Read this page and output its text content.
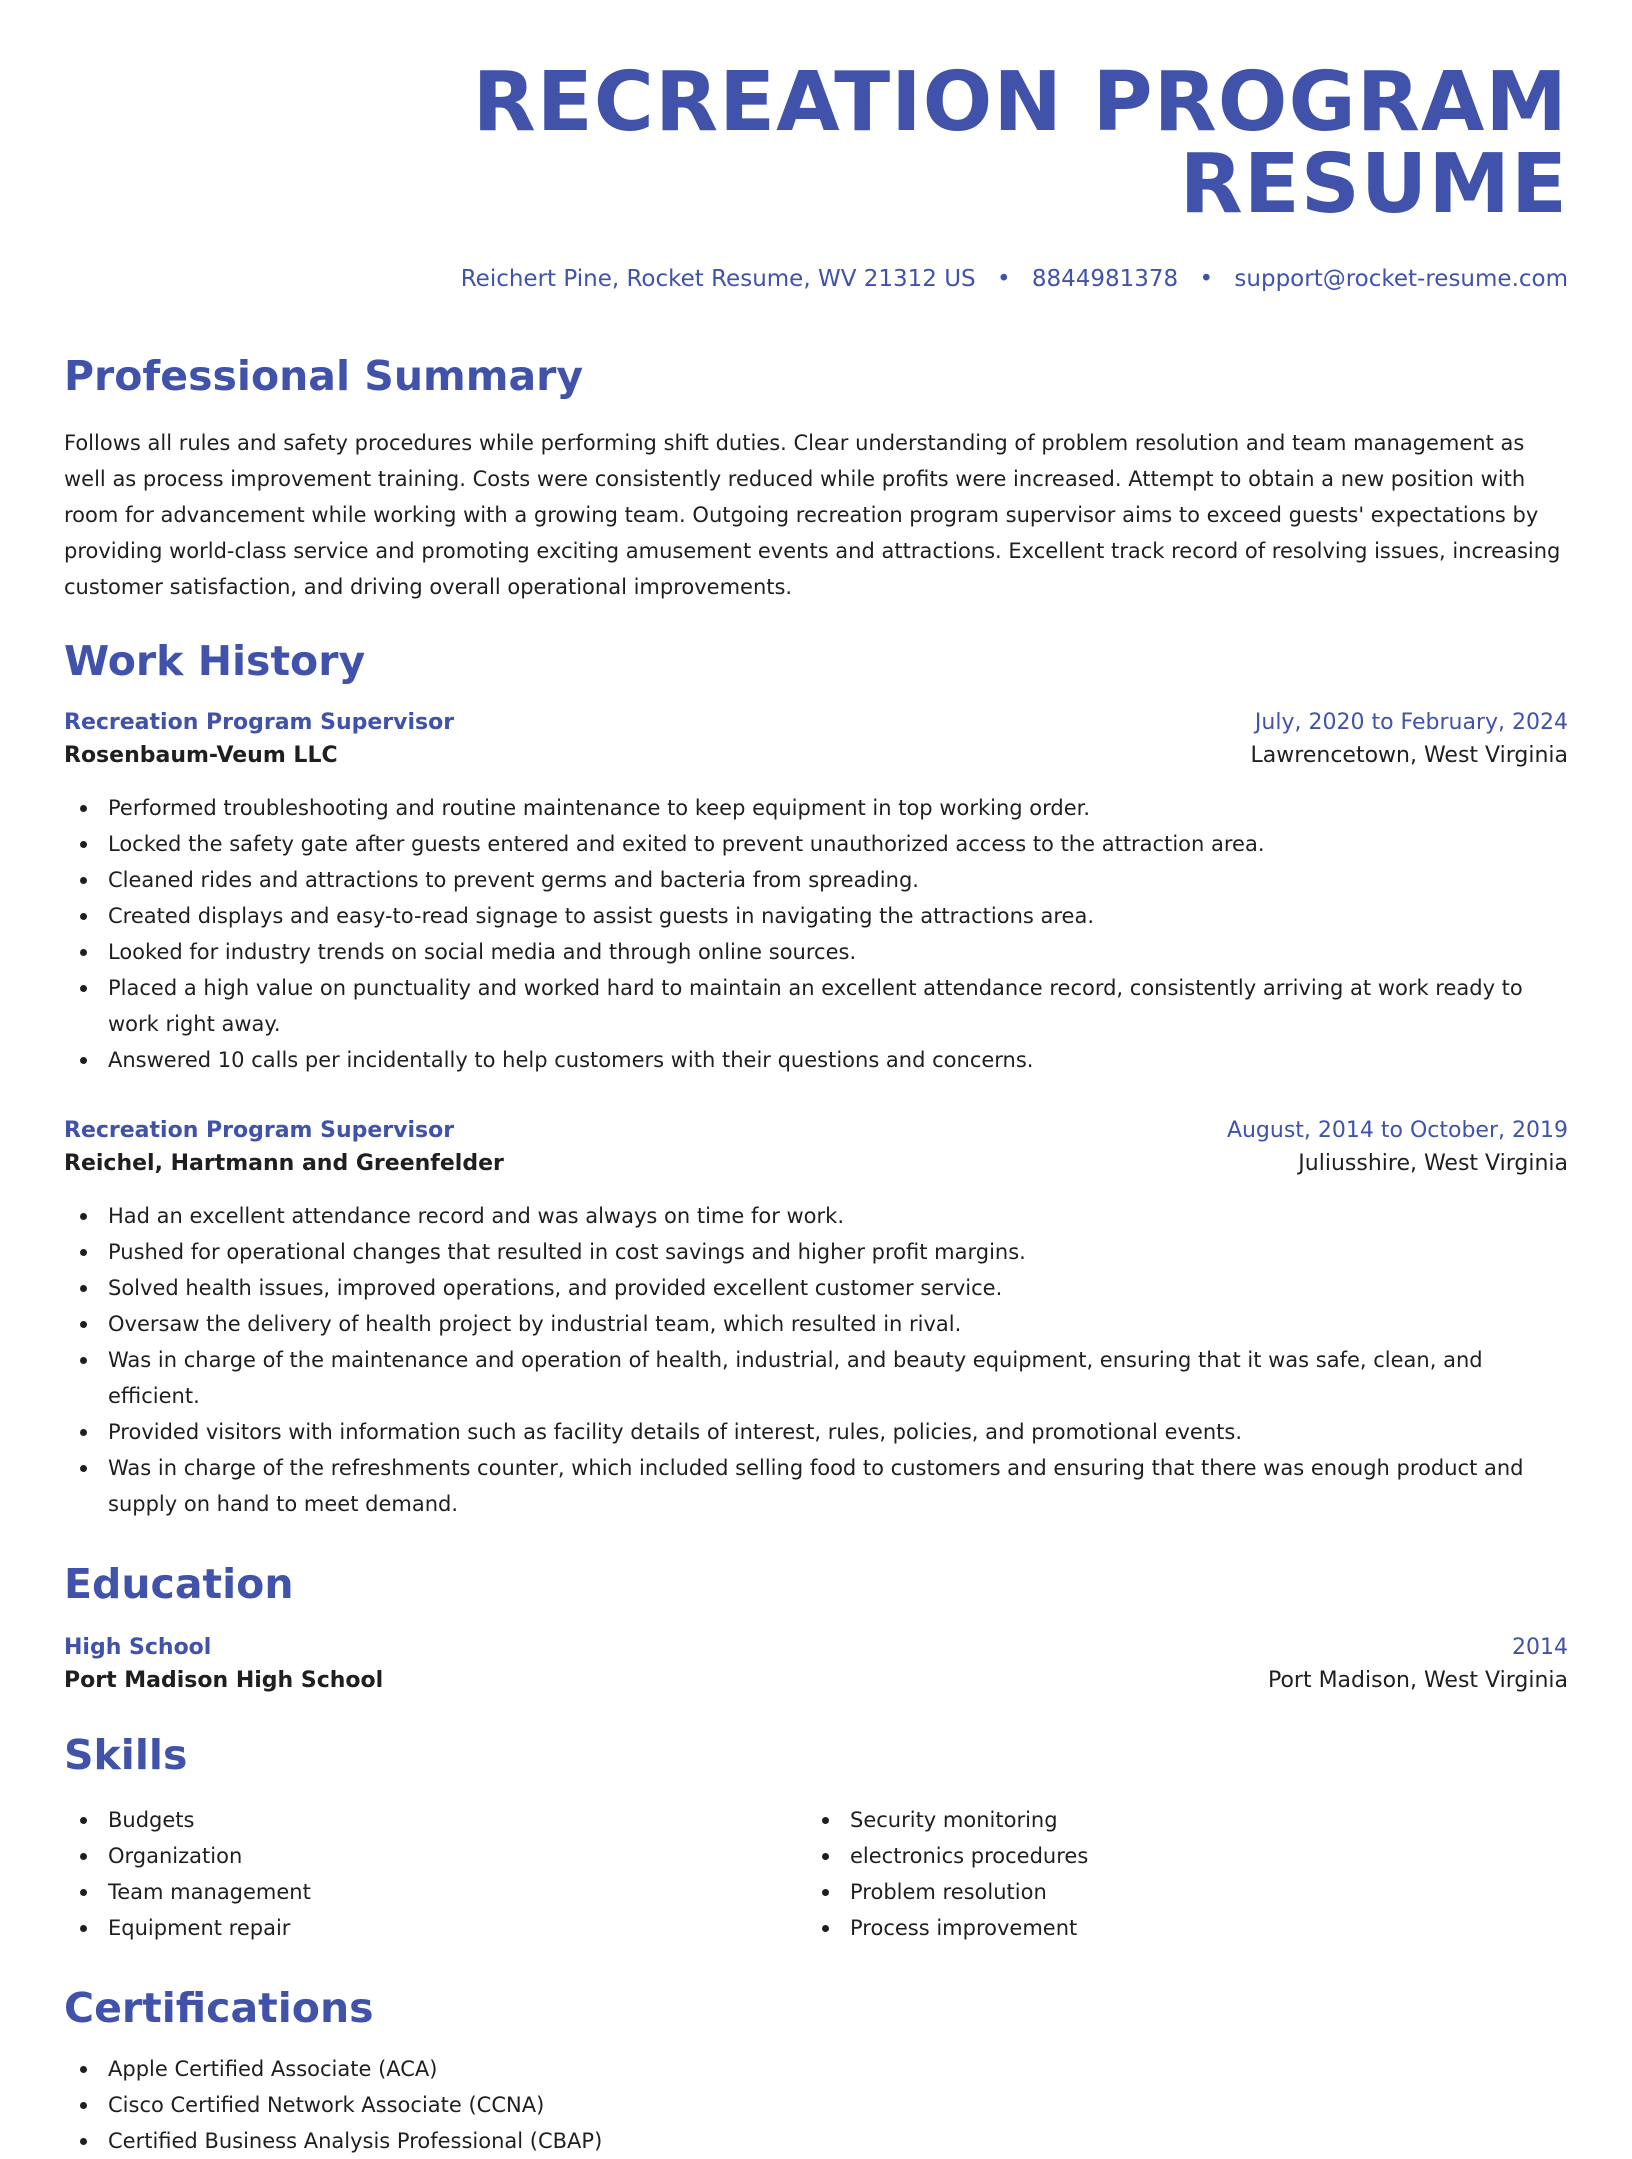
RECREATION PROGRAM RESUME
Reichert Pine, Rocket Resume, WV 21312 US • 8844981378 • support@rocket-resume.com
Professional Summary

Follows all rules and safety procedures while performing shift duties. Clear understanding of problem resolution and team management as well as process improvement training. Costs were consistently reduced while profits were increased. Attempt to obtain a new position with room for advancement while working with a growing team. Outgoing recreation program supervisor aims to exceed guests' expectations by providing world-class service and promoting exciting amusement events and attractions. Excellent track record of resolving issues, increasing customer satisfaction, and driving overall operational improvements.

Work History
Recreation Program Supervisor	July, 2020 to February, 2024
Rosenbaum-Veum LLC	Lawrencetown, West Virginia
Performed troubleshooting and routine maintenance to keep equipment in top working order.
Locked the safety gate after guests entered and exited to prevent unauthorized access to the attraction area.
Cleaned rides and attractions to prevent germs and bacteria from spreading.
Created displays and easy-to-read signage to assist guests in navigating the attractions area.
Looked for industry trends on social media and through online sources.
Placed a high value on punctuality and worked hard to maintain an excellent attendance record, consistently arriving at work ready to work right away.
Answered 10 calls per incidentally to help customers with their questions and concerns.
Recreation Program Supervisor	August, 2014 to October, 2019
Reichel, Hartmann and Greenfelder	Juliusshire, West Virginia
Had an excellent attendance record and was always on time for work.
Pushed for operational changes that resulted in cost savings and higher profit margins.
Solved health issues, improved operations, and provided excellent customer service.
Oversaw the delivery of health project by industrial team, which resulted in rival.
Was in charge of the maintenance and operation of health, industrial, and beauty equipment, ensuring that it was safe, clean, and efficient.
Provided visitors with information such as facility details of interest, rules, policies, and promotional events.
Was in charge of the refreshments counter, which included selling food to customers and ensuring that there was enough product and supply on hand to meet demand.
Education
High School	2014
Port Madison High School	Port Madison, West Virginia
Skills
Budgets
Organization
Team management
Equipment repair
Security monitoring
electronics procedures
Problem resolution
Process improvement
Certifications
Apple Certified Associate (ACA)
Cisco Certified Network Associate (CCNA)
Certified Business Analysis Professional (CBAP)
